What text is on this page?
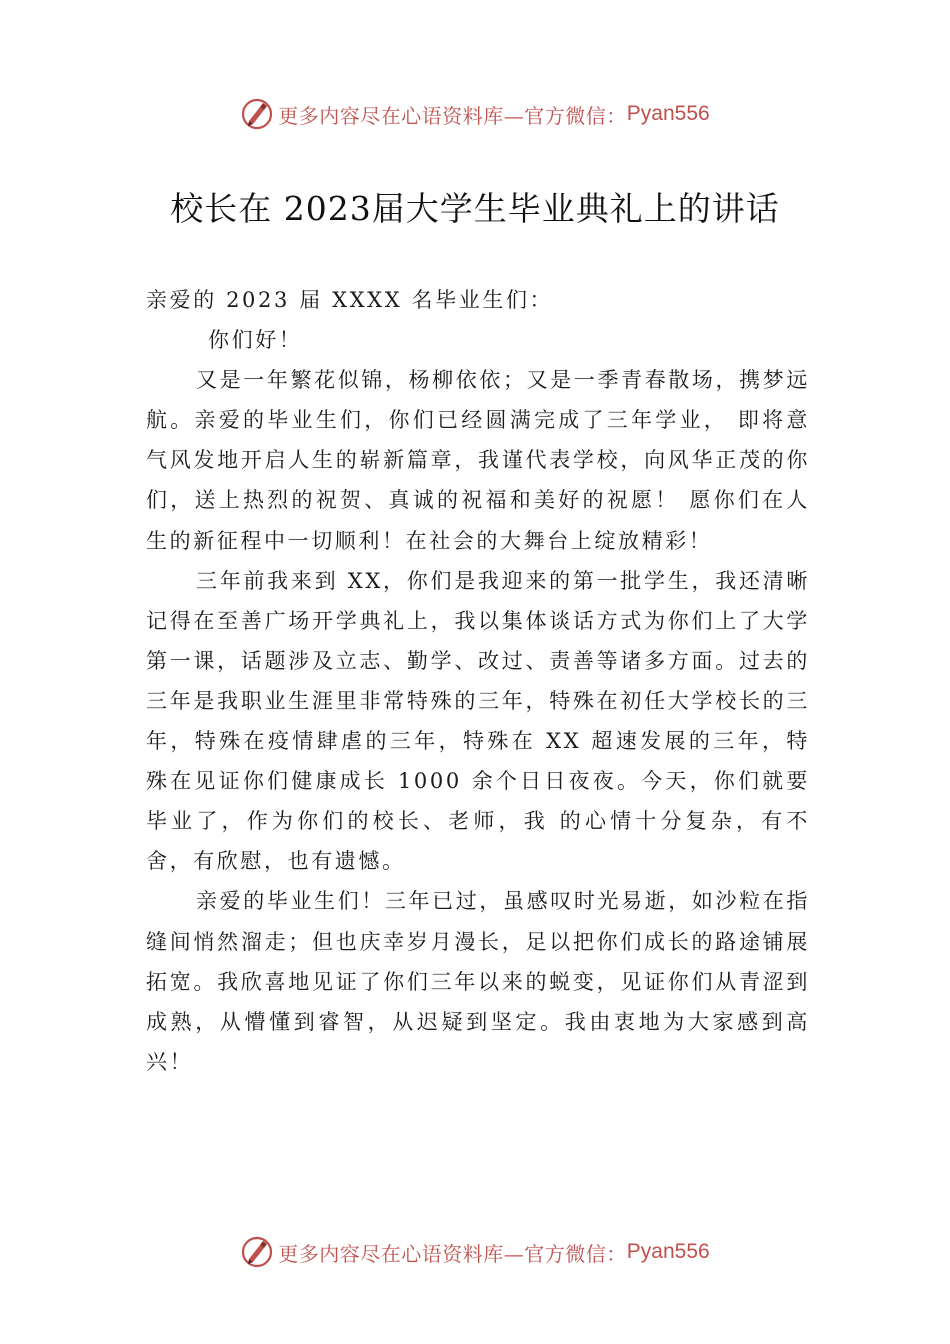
更多内容尽在心语资料库—官方微信： Pyan556
校长在 2023届大学生毕业典礼上的讲话

亲爱的 2023 届 XXXX 名毕业生们：

你们好！

又是一年繁花似锦，杨柳依依；又是一季青春散场，携梦远航。亲爱的毕业生们，你们已经圆满完成了三年学业， 即将意气风发地开启人生的崭新篇章，我谨代表学校，向风华正茂的你们，送上热烈的祝贺、真诚的祝福和美好的祝愿！ 愿你们在人生的新征程中一切顺利！在社会的大舞台上绽放精彩！

三年前我来到 XX，你们是我迎来的第一批学生，我还清晰记得在至善广场开学典礼上，我以集体谈话方式为你们上了大学第一课，话题涉及立志、勤学、改过、责善等诸多方面。过去的三年是我职业生涯里非常特殊的三年，特殊在初任大学校长的三年，特殊在疫情肆虐的三年，特殊在 XX 超速发展的三年，特殊在见证你们健康成长 1000 余个日日夜夜。今天，你们就要毕业了，作为你们的校长、老师，我 的心情十分复杂，有不舍，有欣慰，也有遗憾。

亲爱的毕业生们！三年已过，虽感叹时光易逝，如沙粒在指缝间悄然溜走；但也庆幸岁月漫长，足以把你们成长的路途铺展拓宽。我欣喜地见证了你们三年以来的蜕变，见证你们从青涩到成熟，从懵懂到睿智，从迟疑到坚定。我由衷地为大家感到高兴！

更多内容尽在心语资料库—官方微信： Pyan556
